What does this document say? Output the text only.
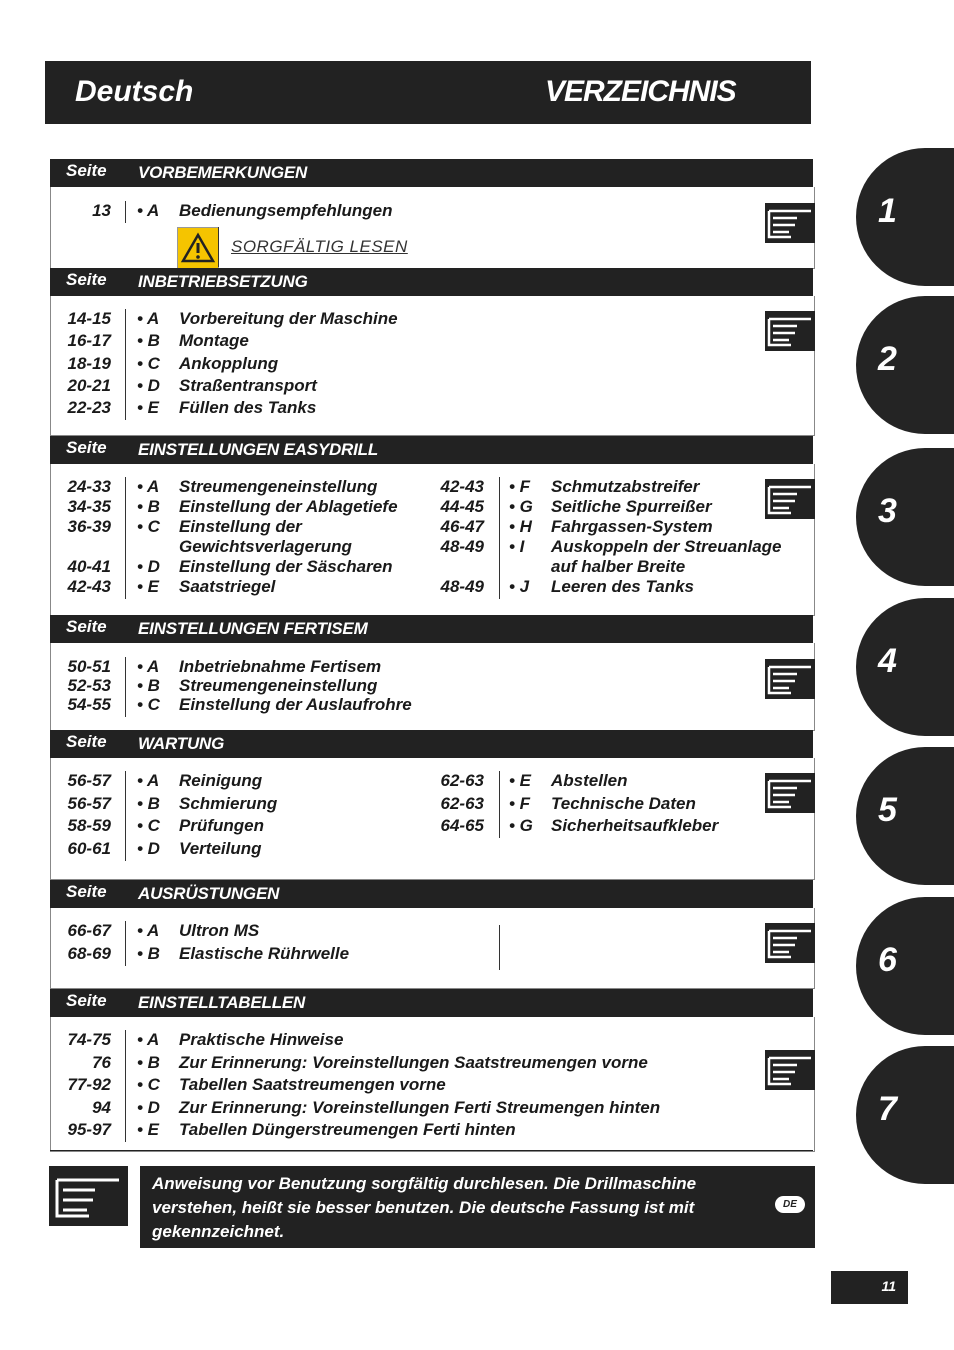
Deutsch	VERZEICHNIS
Seite VORBEMERKUNGEN
13 • A Bedienungsempfehlungen
SORGFÄLTIG LESEN
Seite INBETRIEBSETZUNG
14-15 • A Vorbereitung der Maschine
16-17 • B Montage
18-19 • C Ankopplung
20-21 • D Straßentransport
22-23 • E Füllen des Tanks
Seite EINSTELLUNGEN EASYDRILL
24-33 • A Streumengeneinstellung
34-35 • B Einstellung der Ablagetiefe
36-39 • C Einstellung der
Gewichtsverlagerung
40-41 • D Einstellung der Säscharen
42-43 • E Saatstriegel
42-43 • F Schmutzabstreifer
44-45 • G Seitliche Spurreißer
46-47 • H Fahrgassen-System
48-49 • I Auskoppeln der Streuanlage
auf halber Breite
48-49 • J Leeren des Tanks
Seite EINSTELLUNGEN FERTISEM
50-51 • A Inbetriebnahme Fertisem
52-53 • B Streumengeneinstellung
54-55 • C Einstellung der Auslaufrohre
Seite WARTUNG
56-57 • A Reinigung
56-57 • B Schmierung
58-59 • C Prüfungen
60-61 • D Verteilung
62-63 • E Abstellen
62-63 • F Technische Daten
64-65 • G Sicherheitsaufkleber
Seite AUSRÜSTUNGEN
66-67 • A Ultron MS
68-69 • B Elastische Rührwelle
Seite EINSTELLTABELLEN
74-75 • A Praktische Hinweise
76 • B Zur Erinnerung: Voreinstellungen Saatstreumengen vorne
77-92 • C Tabellen Saatstreumengen vorne
94 • D Zur Erinnerung: Voreinstellungen Ferti Streumengen hinten
95-97 • E Tabellen Düngerstreumengen Ferti hinten
Anweisung vor Benutzung sorgfältig durchlesen. Die Drillmaschine
verstehen, heißt sie besser benutzen. Die deutsche Fassung ist mit
gekennzeichnet.
DE
11
1
2
3
4
5
6
7
